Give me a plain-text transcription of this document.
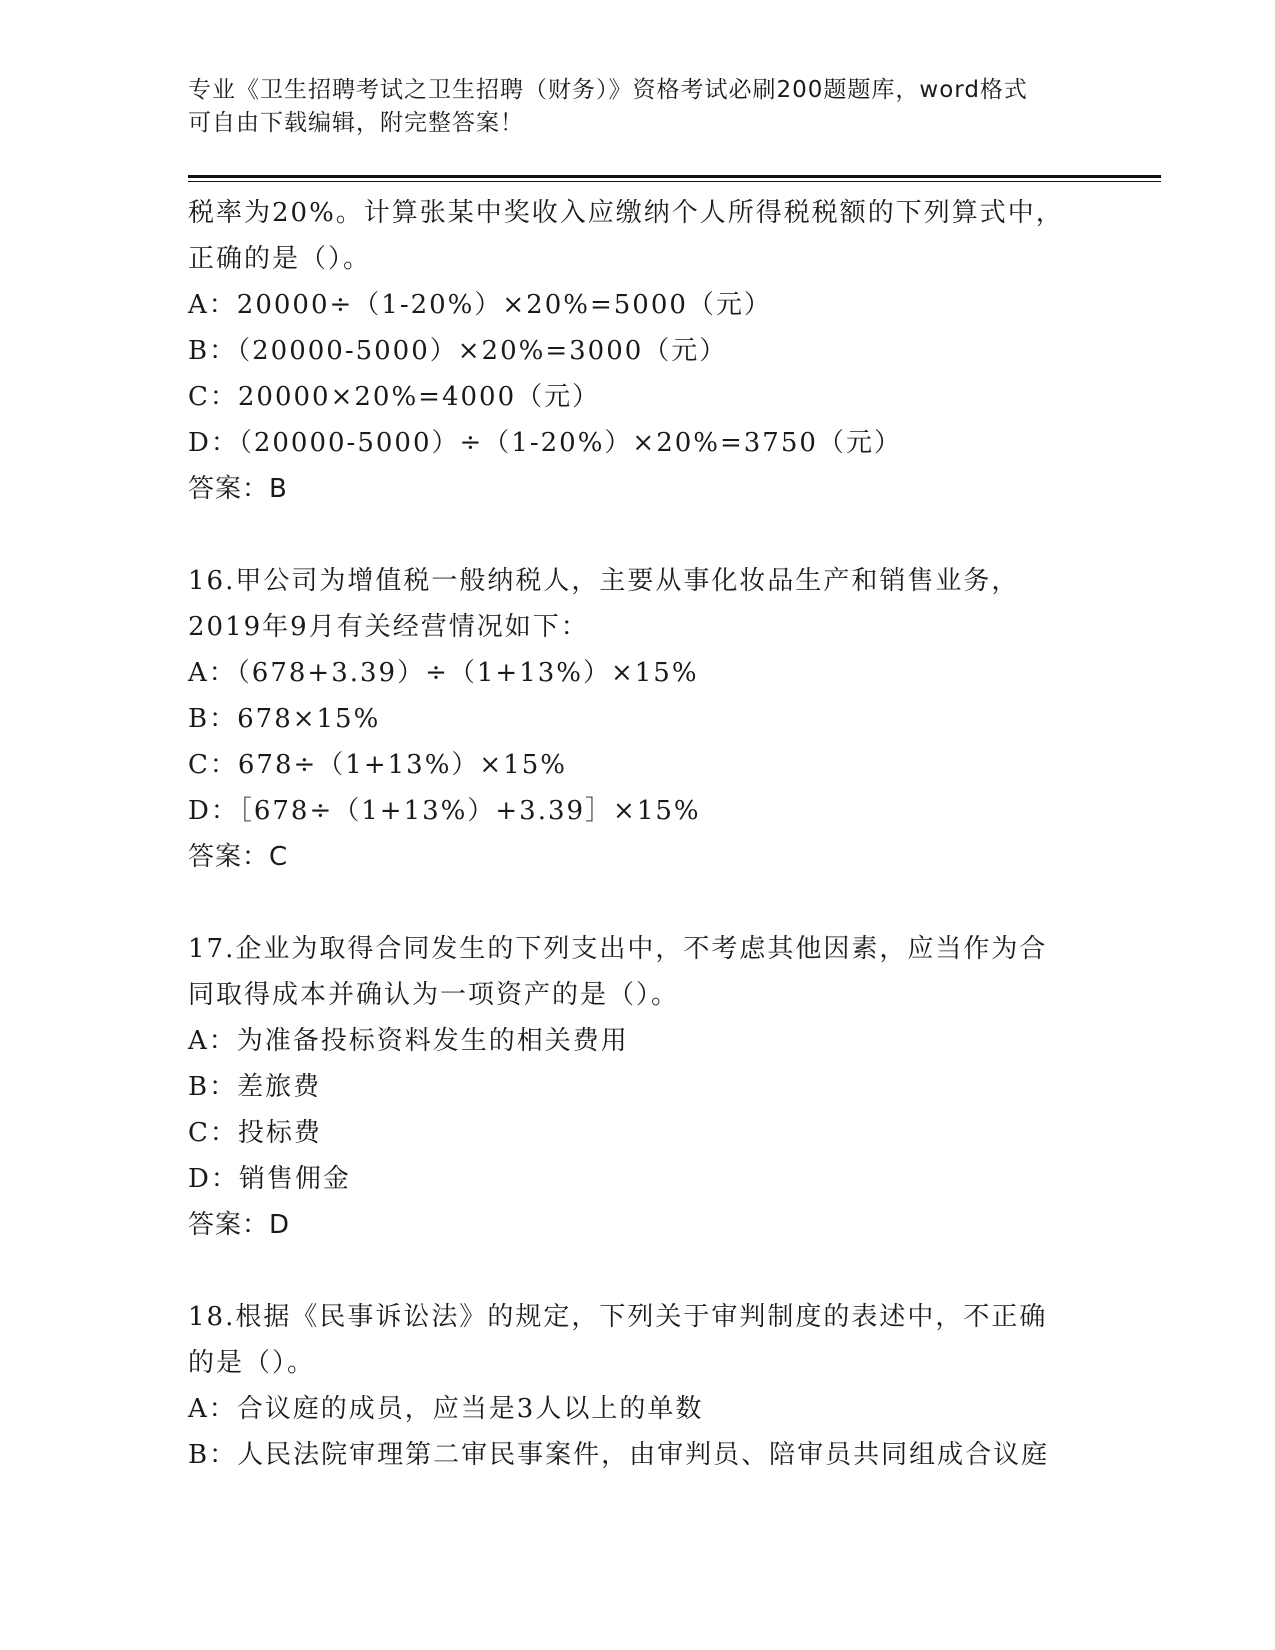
专业《卫生招聘考试之卫生招聘（财务）》资格考试必刷200题题库，word格式
可自由下载编辑，附完整答案！
税率为20%。计算张某中奖收入应缴纳个人所得税税额的下列算式中，
正确的是（）。
A：20000÷（1-20%）×20%=5000（元）
B：（20000-5000）×20%=3000（元）
C：20000×20%=4000（元）
D：（20000-5000）÷（1-20%）×20%=3750（元）
答案：B
16.甲公司为增值税一般纳税人，主要从事化妆品生产和销售业务，
2019年9月有关经营情况如下：
A：（678+3.39）÷（1+13%）×15%
B：678×15%
C：678÷（1+13%）×15%
D：［678÷（1+13%）+3.39］×15%
答案：C
17.企业为取得合同发生的下列支出中，不考虑其他因素，应当作为合
同取得成本并确认为一项资产的是（）。
A：为准备投标资料发生的相关费用
B：差旅费
C：投标费
D：销售佣金
答案：D
18.根据《民事诉讼法》的规定，下列关于审判制度的表述中，不正确
的是（）。
A：合议庭的成员，应当是3人以上的单数
B：人民法院审理第二审民事案件，由审判员、陪审员共同组成合议庭
